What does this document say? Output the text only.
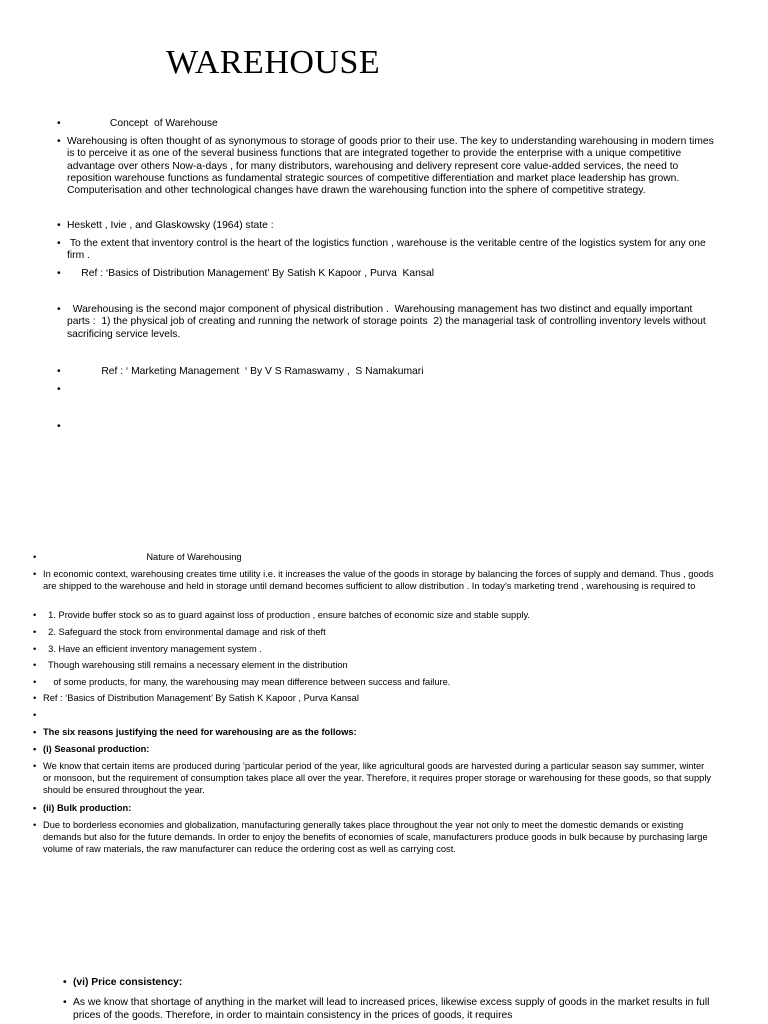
WAREHOUSE

•                Concept  of Warehouse

• Warehousing is often thought of as synonymous to storage of goods prior to their use. The key to understanding warehousing in modern times is to perceive it as one of the several business functions that are integrated together to provide the enterprise with a unique competitive advantage over others Now-a-days , for many distributors, warehousing and delivery represent core value-added services, the need to reposition warehouse functions as fundamental strategic sources of competitive differentiation and market place leadership has grown. Computerisation and other technological changes have drawn the warehousing function into the sphere of competitive strategy.

• Heskett , Ivie , and Glaskowsky (1964) state :

•  To the extent that inventory control is the heart of the logistics function , warehouse is the veritable centre of the logistics system for any one firm .

•      Ref : ‘Basics of Distribution Management’ By Satish K Kapoor , Purva  Kansal

•   Warehousing is the second major component of physical distribution .  Warehousing management has two distinct and equally important parts :  1) the physical job of creating and running the network of storage points  2) the managerial task of controlling inventory levels without sacrificing service levels.

•             Ref : ‘ Marketing Management  ‘ By V S Ramaswamy ,  S Namakumari

•

•

•                                         Nature of Warehousing

• In economic context, warehousing creates time utility i.e. it increases the value of the goods in storage by balancing the forces of supply and demand. Thus , goods are shipped to the warehouse and held in storage until demand becomes sufficient to allow distribution . In today’s marketing trend , warehousing is required to

•   1. Provide buffer stock so as to guard against loss of production , ensure batches of economic size and stable supply.

•   2. Safeguard the stock from environmental damage and risk of theft

•   3. Have an efficient inventory management system .

•   Though warehousing still remains a necessary element in the distribution

•     of some products, for many, the warehousing may mean difference between success and failure.

• Ref : ‘Basics of Distribution Management’ By Satish K Kapoor , Purva Kansal

•

• The six reasons justifying the need for warehousing are as the follows:

• (i) Seasonal production:

• We know that certain items are produced during ‘particular period of the year, like agricultural goods are harvested during a particular season say summer, winter or monsoon, but the requirement of consumption takes place all over the year. Therefore, it requires proper storage or warehousing for these goods, so that supply should be ensured throughout the year.

• (ii) Bulk production:

• Due to borderless economies and globalization, manufacturing generally takes place throughout the year not only to meet the domestic demands or existing demands but also for the future demands. In order to enjoy the benefits of economies of scale, manufacturers produce goods in bulk because by purchasing large volume of raw materials, the raw manufacturer can reduce the ordering cost as well as carrying cost.

• (vi) Price consistency:

• As we know that shortage of anything in the market will lead to increased prices, likewise excess supply of goods in the market results in full prices of the goods. Therefore, in order to maintain consistency in the prices of goods, it requires
